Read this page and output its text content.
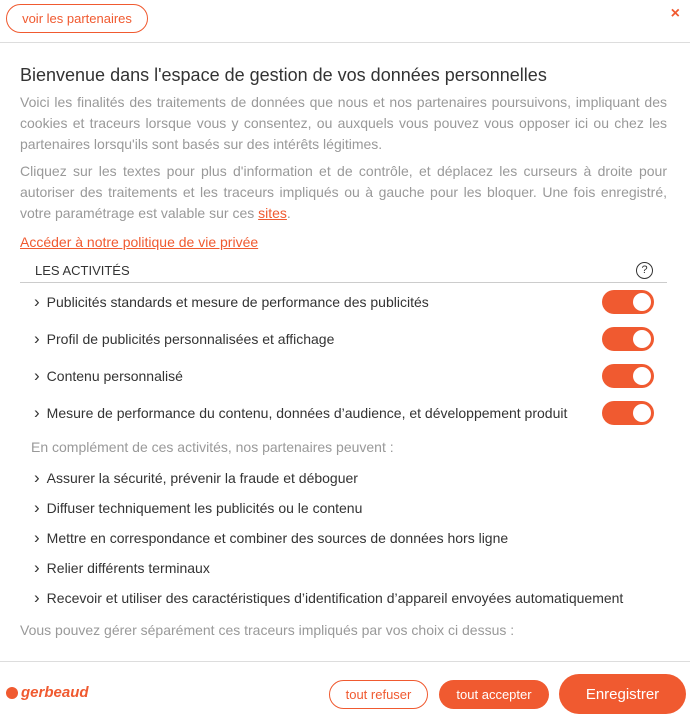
voir les partenaires	×
Bienvenue dans l'espace de gestion de vos données personnelles

Voici les finalités des traitements de données que nous et nos partenaires poursuivons, impliquant des cookies et traceurs lorsque vous y consentez, ou auxquels vous pouvez vous opposer ici ou chez les partenaires lorsqu'ils sont basés sur des intérêts légitimes.

Cliquez sur les textes pour plus d'information et de contrôle, et déplacez les curseurs à droite pour autoriser des traitements et les traceurs impliqués ou à gauche pour les bloquer. Une fois enregistré, votre paramétrage est valable sur ces sites.

Accéder à notre politique de vie privée
LES ACTIVITÉS	?
› Publicités standards et mesure de performance des publicités
› Profil de publicités personnalisées et affichage
› Contenu personnalisé
› Mesure de performance du contenu, données d’audience, et développement produit
En complément de ces activités, nos partenaires peuvent :
› Assurer la sécurité, prévenir la fraude et déboguer
› Diffuser techniquement les publicités ou le contenu
› Mettre en correspondance et combiner des sources de données hors ligne
› Relier différents terminaux
› Recevoir et utiliser des caractéristiques d’identification d’appareil envoyées automatiquement
Vous pouvez gérer séparément ces traceurs impliqués par vos choix ci dessus :
gerbeaud	tout refuser	tout accepter	Enregistrer
